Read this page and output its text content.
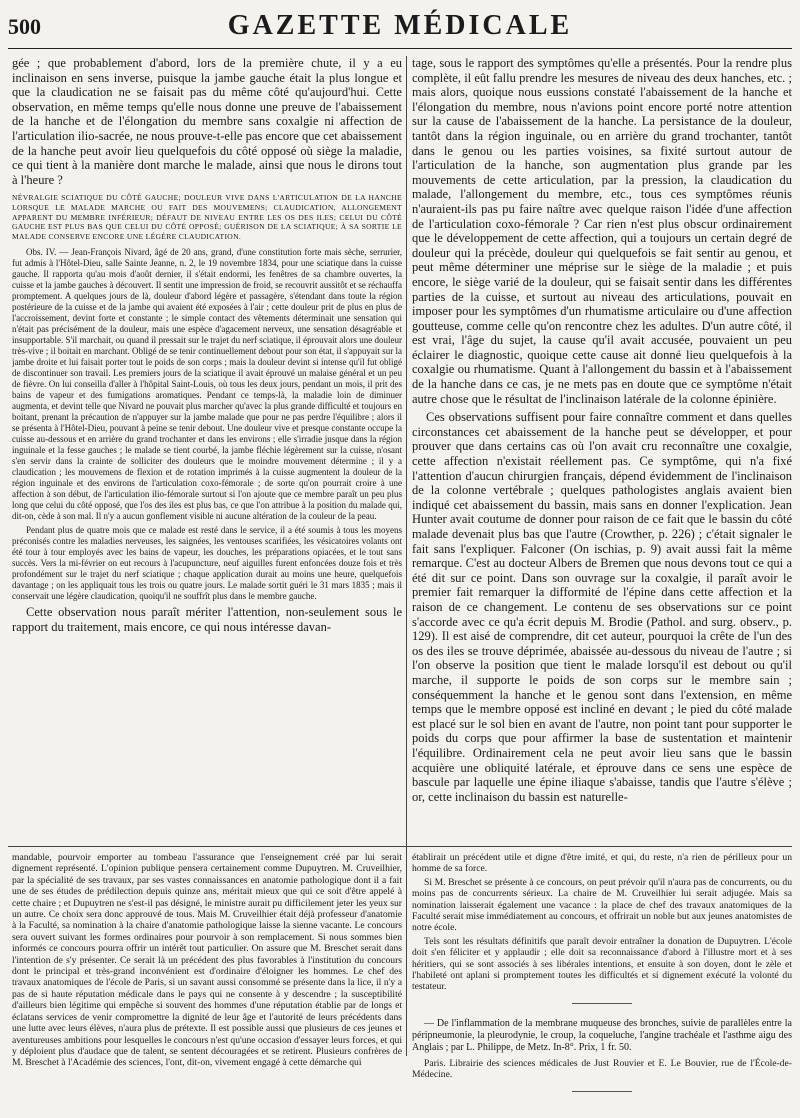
500	GAZETTE MÉDICALE

gée ; que probablement d'abord, lors de la première chute, il y a eu inclinaison en sens inverse, puisque la jambe gauche était la plus longue et que la claudication ne se faisait pas du même côté qu'aujourd'hui. Cette observation, en même temps qu'elle nous donne une preuve de l'abaissement de la hanche et de l'élongation du membre sans coxalgie ni affection de l'articulation ilio-sacrée, ne nous prouve-t-elle pas encore que cet abaissement de la hanche peut avoir lieu quelquefois du côté opposé où siège la maladie, ce qui tient à la manière dont marche le malade, ainsi que nous le dirons tout à l'heure ?

NÉVRALGIE SCIATIQUE DU CÔTÉ GAUCHE; DOULEUR VIVE DANS L'ARTICULATION DE LA HANCHE LORSQUE LE MALADE MARCHE OU FAIT DES MOUVEMENS; CLAUDICATION, ALLONGEMENT APPARENT DU MEMBRE INFÉRIEUR; DÉFAUT DE NIVEAU ENTRE LES OS DES ILES; CELUI DU CÔTÉ GAUCHE EST PLUS BAS QUE CELUI DU CÔTÉ OPPOSÉ; GUÉRISON DE LA SCIATIQUE; À SA SORTIE LE MALADE CONSERVE ENCORE UNE LÉGÈRE CLAUDICATION.

Obs. IV. — Jean-François Nivard, âgé de 20 ans, grand, d'une constitution forte mais sèche, serrurier, fut admis à l'Hôtel-Dieu, salle Sainte Jeanne, n. 2, le 19 novembre 1834, pour une sciatique dans la cuisse gauche. Il rapporta qu'au mois d'août dernier, il s'était endormi, les fenêtres de sa chambre ouvertes, la cuisse et la jambe gauches à découvert. Il sentit une impression de froid, se recouvrit aussitôt et se réchauffa promptement. A quelques jours de là, douleur d'abord légère et passagère, s'étendant dans toute la région postérieure de la cuisse et de la jambe qui avaient été exposées à l'air ; cette douleur prit de plus en plus de l'accroissement, devint forte et constante ; le simple contact des vêtements déterminait une sensation qui n'était pas précisément de la douleur, mais une espèce d'agacement nerveux, une sensation désagréable et insupportable. S'il marchait, ou quand il pressait sur le trajet du nerf sciatique, il éprouvait alors une douleur très-vive ; il boitait en marchant. Obligé de se tenir continuellement debout pour son état, il s'appuyait sur la jambe droite et lui faisait porter tout le poids de son corps ; mais la douleur devint si intense qu'il fut obligé de discontinuer son travail. Les premiers jours de la sciatique il avait éprouvé un malaise général et un peu de fièvre. On lui conseilla d'aller à l'hôpital Saint-Louis, où tous les deux jours, pendant un mois, il prit des bains de vapeur et des fumigations aromatiques. Pendant ce temps-là, la maladie loin de diminuer augmenta, et devint telle que Nivard ne pouvait plus marcher qu'avec la plus grande difficulté et toujours en boitant, prenant la précaution de n'appuyer sur la jambe malade que pour ne pas perdre l'équilibre ; alors il se présenta à l'Hôtel-Dieu, pouvant à peine se tenir debout. Une douleur vive et presque constante occupe la cuisse au-dessous et en arrière du grand trochanter et dans les environs ; elle s'irradie jusque dans la région inguinale et la fesse gauches ; le malade se tient courbé, la jambe fléchie légèrement sur la cuisse, n'osant s'en servir dans la crainte de solliciter des douleurs que le moindre mouvement détermine ; il y a claudication ; les mouvemens de flexion et de rotation imprimés à la cuisse augmentent la douleur de la région inguinale et des environs de l'articulation coxo-fémorale ; de sorte qu'on pourrait croire à une affection à son début, de l'articulation ilio-fémorale surtout si l'on ajoute que ce membre paraît un peu plus long que celui du côté opposé, que l'os des iles est plus bas, ce que l'on attribue à la position du malade qui, dit-on, cède à son mal. Il n'y a aucun gonflement visible ni aucune altération de la couleur de la peau.

Pendant plus de quatre mois que ce malade est resté dans le service, il a été soumis à tous les moyens préconisés contre les maladies nerveuses, les saignées, les ventouses scarifiées, les vésicatoires volants ont été tour à tour employés avec les bains de vapeur, les douches, les préparations opiacées, et le tout sans succès. Vers la mi-février on eut recours à l'acupuncture, neuf aiguilles furent enfoncées douze fois et très profondément sur le trajet du nerf sciatique ; chaque application durait au moins une heure, quelquefois davantage ; on les appliquait tous les trois ou quatre jours. Le malade sortit guéri le 31 mars 1835 ; mais il conservait une légère claudication, quoiqu'il ne souffrît plus dans le membre gauche.

Cette observation nous paraît mériter l'attention, non-seulement sous le rapport du traitement, mais encore, ce qui nous intéresse davan-

tage, sous le rapport des symptômes qu'elle a présentés. Pour la rendre plus complète, il eût fallu prendre les mesures de niveau des deux hanches, etc. ; mais alors, quoique nous eussions constaté l'abaissement de la hanche et l'élongation du membre, nous n'avions point encore porté notre attention sur la cause de l'abaissement de la hanche. La persistance de la douleur, tantôt dans la région inguinale, ou en arrière du grand trochanter, tantôt dans le genou ou les parties voisines, sa fixité surtout autour de l'articulation de la hanche, son augmentation plus grande par les mouvements de cette articulation, par la pression, la claudication du malade, l'allongement du membre, etc., tous ces symptômes réunis n'auraient-ils pas pu faire naître avec quelque raison l'idée d'une affection de l'articulation coxo-fémorale ? Car rien n'est plus obscur ordinairement que le développement de cette affection, qui a toujours un certain degré de douleur qui la précède, douleur qui quelquefois se fait sentir au genou, et peut même déterminer une méprise sur le siège de la maladie ; et puis encore, le siège varié de la douleur, qui se faisait sentir dans les différentes parties de la cuisse, et surtout au niveau des articulations, pouvait en imposer pour les symptômes d'un rhumatisme articulaire ou d'une affection goutteuse, comme celle qu'on rencontre chez les adultes. D'un autre côté, il est vrai, l'âge du sujet, la cause qu'il avait accusée, pouvaient un peu éclairer le diagnostic, quoique cette cause ait donné lieu quelquefois à la coxalgie ou rhumatisme. Quant à l'allongement du bassin et à l'abaissement de la hanche dans ce cas, je ne mets pas en doute que ce symptôme n'était autre chose que le résultat de l'inclinaison latérale de la colonne épinière.

Ces observations suffisent pour faire connaître comment et dans quelles circonstances cet abaissement de la hanche peut se développer, et pour prouver que dans certains cas où l'on avait cru reconnaître une coxalgie, cette affection n'existait réellement pas. Ce symptôme, qui n'a fixé l'attention d'aucun chirurgien français, dépend évidemment de l'inclinaison de la colonne vertébrale ; quelques pathologistes anglais avaient bien indiqué cet abaissement du bassin, mais sans en donner l'explication. Jean Hunter avait coutume de donner pour raison de ce fait que le bassin du côté malade devenait plus bas que l'autre (Crowther, p. 226) ; c'était signaler le fait sans l'expliquer. Falconer (On ischias, p. 9) avait aussi fait la même remarque. C'est au docteur Albers de Bremen que nous devons tout ce qui a été dit sur ce point. Dans son ouvrage sur la coxalgie, il paraît avoir le premier fait remarquer la difformité de l'épine dans cette affection et la raison de ce changement. Le contenu de ses observations sur ce point s'accorde avec ce qu'a écrit depuis M. Brodie (Pathol. and surg. observ., p. 129). Il est aisé de comprendre, dit cet auteur, pourquoi la crête de l'un des os des iles se trouve déprimée, abaissée au-dessous du niveau de l'autre ; si l'on observe la position que tient le malade lorsqu'il est debout ou qu'il marche, il supporte le poids de son corps sur le membre sain ; conséquemment la hanche et le genou sont dans l'extension, en même temps que le membre opposé est incliné en devant ; le pied du côté malade est placé sur le sol bien en avant de l'autre, non point tant pour supporter le poids du corps que pour affirmer la base de sustentation et maintenir l'équilibre. Ordinairement cela ne peut avoir lieu sans que le bassin acquière une obliquité latérale, et éprouve dans ce sens une espèce de bascule par laquelle une épine iliaque s'abaisse, tandis que l'autre s'élève ; or, cette inclinaison du bassin est naturelle-

mandable, pourvoir emporter au tombeau l'assurance que l'enseignement créé par lui serait dignement représenté. L'opinion publique pensera certainement comme Dupuytren. M. Cruveilhier, par la spécialité de ses travaux, par ses vastes connaissances en anatomie pathologique dont il a fait une de ses études de prédilection depuis quinze ans, méritait mieux que qui ce soit d'être appelé à cette chaire ; et Dupuytren ne s'est-il pas désigné, le ministre aurait pu difficilement jeter les yeux sur un autre. Ce choix sera donc approuvé de tous. Mais M. Cruveilhier était déjà professeur d'anatomie à la Faculté, sa nomination à la chaire d'anatomie pathologique laisse la sienne vacante. Le concours sera ouvert suivant les formes ordinaires pour pourvoir à son remplacement. Si nous sommes bien informés ce concours pourra offrir un intérêt tout particulier. On assure que M. Breschet serait dans l'intention de s'y présenter. Ce serait là un précédent des plus favorables à l'institution du concours dont le principal et très-grand inconvénient est d'ordinaire d'éloigner les hommes. Le chef des travaux anatomiques de l'école de Paris, si un savant aussi consommé se présente dans la lice, il n'y a pas de si haute réputation médicale dans le pays qui ne consente à y descendre ; la susceptibilité d'ailleurs bien légitime qui empêche si souvent des hommes d'une réputation établie par de longs et éclatans services de venir compromettre la dignité de leur âge et l'autorité de leurs précédents dans une lutte avec leurs élèves, n'aura plus de prétexte. Il est possible aussi que plusieurs de ces jeunes et aventureuses ambitions pour lesquelles le concours n'est qu'une occasion d'essayer leurs forces, et qui y déploient plus d'audace que de talent, se sentent découragées et se retirent. Plusieurs confrères de M. Breschet à l'Académie des sciences, l'ont, dit-on, vivement engagé à cette démarche qui

établirait un précédent utile et digne d'être imité, et qui, du reste, n'a rien de périlleux pour un homme de sa force.

Si M. Breschet se présente à ce concours, on peut prévoir qu'il n'aura pas de concurrents, ou du moins pas de concurrents sérieux. La chaire de M. Cruveilhier lui serait adjugée. Mais sa nomination laisserait également une vacance : la place de chef des travaux anatomiques de la Faculté serait mise immédiatement au concours, et offrirait un noble but aux jeunes anatomistes de notre école.

Tels sont les résultats définitifs que paraît devoir entraîner la donation de Dupuytren. L'école doit s'en féliciter et y applaudir ; elle doit sa reconnaissance d'abord à l'illustre mort et à ses héritiers, qui se sont associés à ses libérales intentions, et ensuite à son doyen, dont le zèle et l'habileté ont aplani si promptement toutes les difficultés et si dignement exécuté la volonté du testateur.

— De l'inflammation de la membrane muqueuse des bronches, suivie de parallèles entre la péripneumonie, la pleurodynie, le croup, la coqueluche, l'angine trachéale et l'asthme aigu des Anglais ; par L. Philippe, de Metz. In-8°. Prix, 1 fr. 50.

Paris. Librairie des sciences médicales de Just Rouvier et E. Le Bouvier, rue de l'École-de-Médecine.
